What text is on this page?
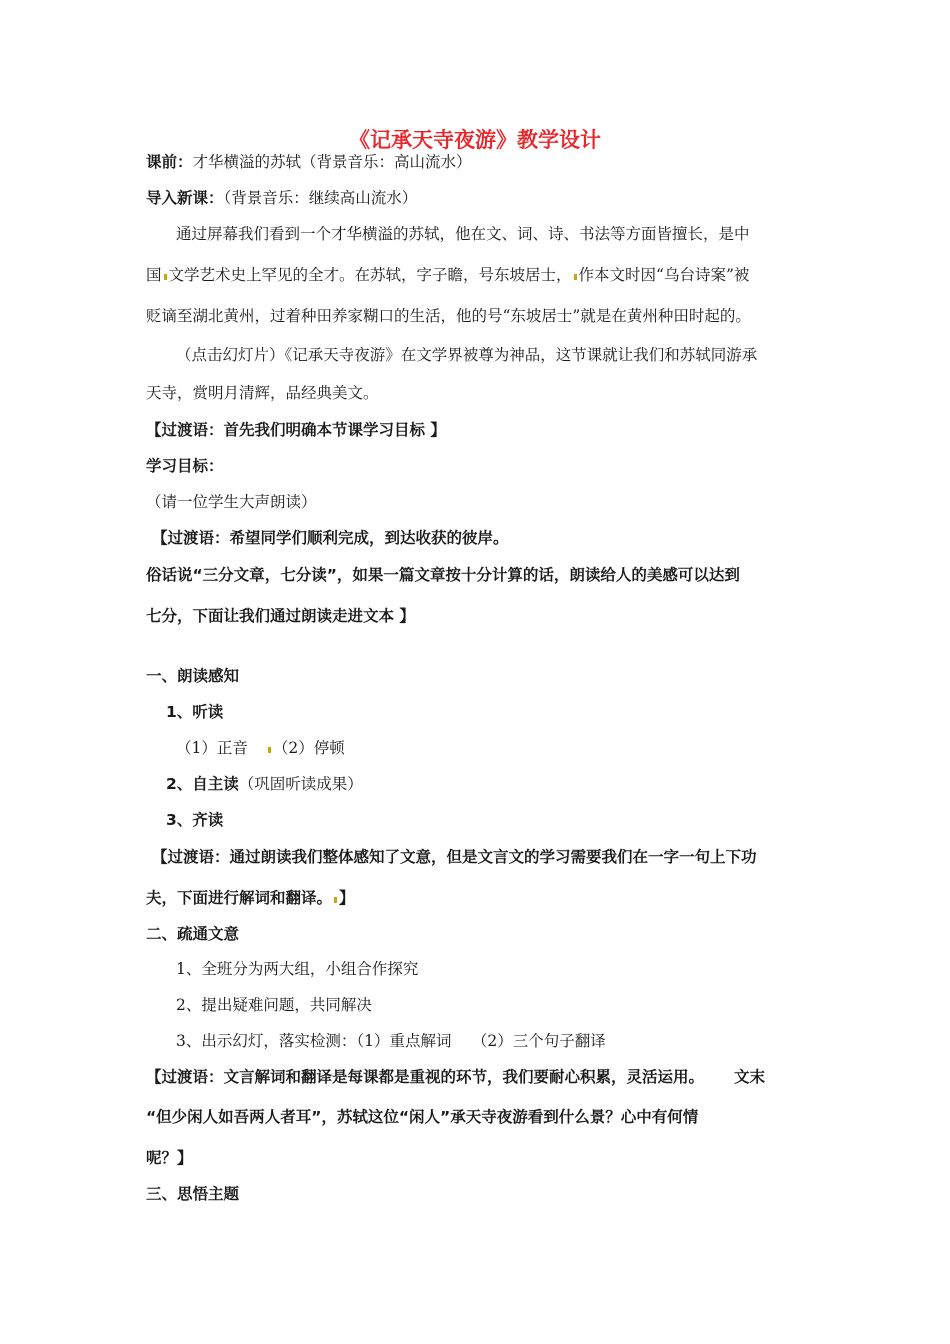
《记承天寺夜游》教学设计
课前：才华横溢的苏轼（背景音乐：高山流水）
导入新课：（背景音乐：继续高山流水）
通过屏幕我们看到一个才华横溢的苏轼，他在文、词、诗、书法等方面皆擅长，是中
国 文学艺术史上罕见的全才。在苏轼，字子瞻，号东坡居士， 作本文时因“乌台诗案”被
贬谪至湖北黄州，过着种田养家糊口的生活，他的号“东坡居士”就是在黄州种田时起的。
（点击幻灯片）《记承天寺夜游》在文学界被尊为神品，这节课就让我们和苏轼同游承
天寺，赏明月清辉，品经典美文。
【过渡语：首先我们明确本节课学习目标 】
学习目标：
（请一位学生大声朗读）
【过渡语：希望同学们顺利完成，到达收获的彼岸。
俗话说“三分文章，七分读”，如果一篇文章按十分计算的话，朗读给人的美感可以达到
七分，下面让我们通过朗读走进文本 】
一、朗读感知
1、听读
（1）正音 （2）停顿
2、自主读（巩固听读成果）
3、齐读
【过渡语：通过朗读我们整体感知了文意，但是文言文的学习需要我们在一字一句上下功
夫，下面进行解词和翻译。 】
二、疏通文意
1、全班分为两大组，小组合作探究
2、提出疑难问题，共同解决
3、出示幻灯，落实检测：（1）重点解词　 （2）三个句子翻译
【过渡语：文言解词和翻译是每课都是重视的环节，我们要耐心积累，灵活运用。 文末
“但少闲人如吾两人者耳”，苏轼这位“闲人”承天寺夜游看到什么景？心中有何情
呢？】
三、思悟主题
